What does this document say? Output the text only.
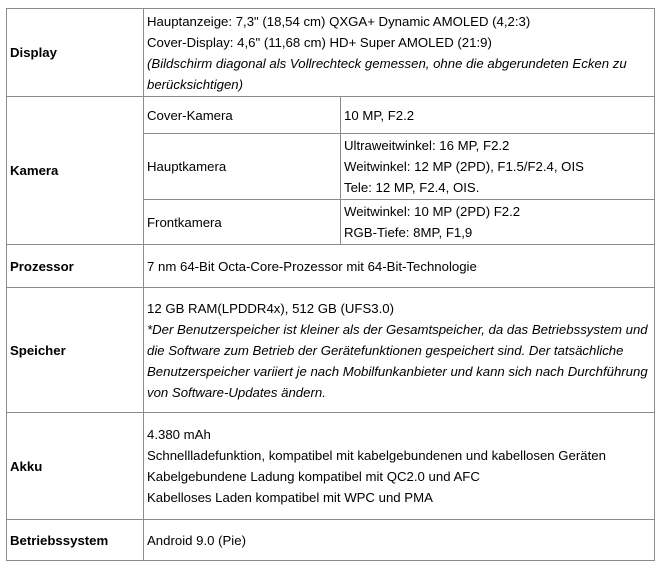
Display	Hauptanzeige: 7,3" (18,54 cm) QXGA+ Dynamic AMOLED (4,2:3)
Cover-Display: 4,6" (11,68 cm) HD+ Super AMOLED (21:9)
(Bildschirm diagonal als Vollrechteck gemessen, ohne die abgerundeten Ecken zu berücksichtigen)	

Kamera	Cover-Kamera	10 MP, F2.2
	Hauptkamera	Ultraweitwinkel: 16 MP, F2.2
Weitwinkel: 12 MP (2PD), F1.5/F2.4, OIS
Tele: 12 MP, F2.4, OIS.

	Frontkamera	Weitwinkel: 10 MP (2PD) F2.2
RGB-Tiefe: 8MP, F1,9

Prozessor	7 nm 64-Bit Octa-Core-Prozessor mit 64-Bit-Technologie	
Speicher	12 GB RAM(LPDDR4x), 512 GB (UFS3.0)
*Der Benutzerspeicher ist kleiner als der Gesamtspeicher, da das Betriebssystem und die Software zum Betrieb der Gerätefunktionen gespeichert sind. Der tatsächliche Benutzerspeicher variiert je nach Mobilfunkanbieter und kann sich nach Durchführung von Software-Updates ändern.	

Akku	4.380 mAh
Schnellladefunktion, kompatibel mit kabelgebundenen und kabellosen Geräten
Kabelgebundene Ladung kompatibel mit QC2.0 und AFC
Kabelloses Laden kompatibel mit WPC und PMA	

Betriebssystem	Android 9.0 (Pie)	
